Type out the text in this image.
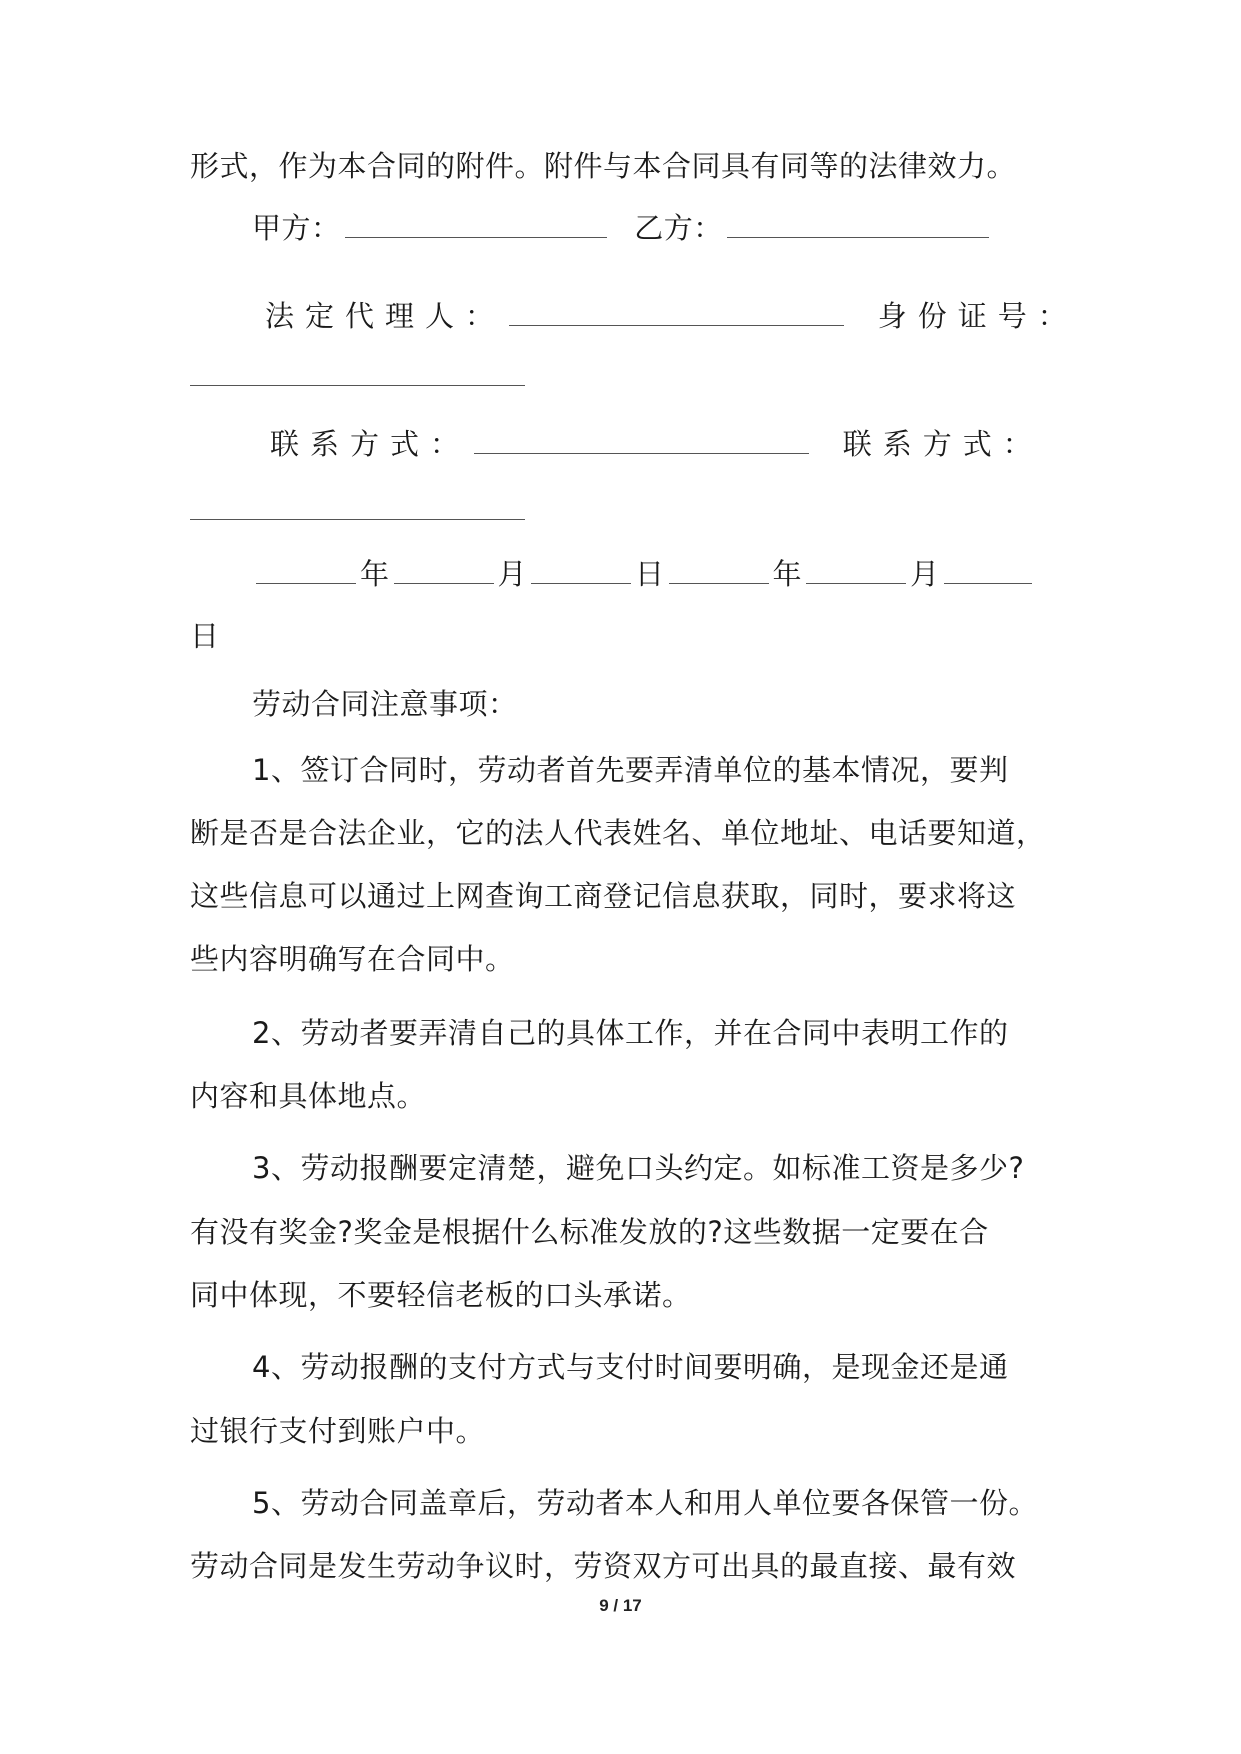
形式，作为本合同的附件。附件与本合同具有同等的法律效力。
甲方：	乙方：
法定代理人：	身份证号：
联系方式：	联系方式：
年	月	日	年	月
日
劳动合同注意事项：
1、签订合同时，劳动者首先要弄清单位的基本情况，要判
断是否是合法企业，它的法人代表姓名、单位地址、电话要知道，
这些信息可以通过上网查询工商登记信息获取，同时，要求将这
些内容明确写在合同中。
2、劳动者要弄清自己的具体工作，并在合同中表明工作的
内容和具体地点。
3、劳动报酬要定清楚，避免口头约定。如标准工资是多少?
有没有奖金?奖金是根据什么标准发放的?这些数据一定要在合
同中体现，不要轻信老板的口头承诺。
4、劳动报酬的支付方式与支付时间要明确，是现金还是通
过银行支付到账户中。
5、劳动合同盖章后，劳动者本人和用人单位要各保管一份。
劳动合同是发生劳动争议时，劳资双方可出具的最直接、最有效
9 / 17
